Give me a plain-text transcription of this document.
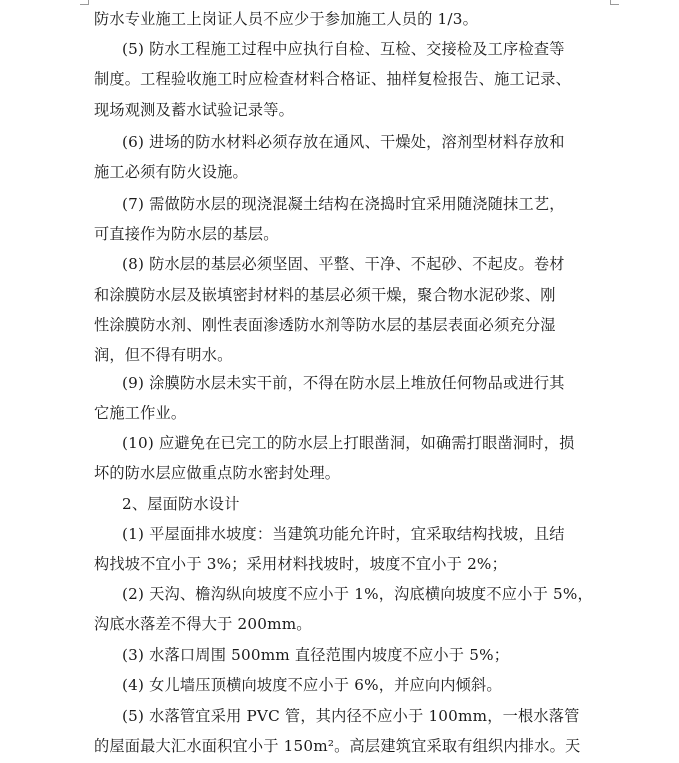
防水专业施工上岗证人员不应少于参加施工人员的 1/3。
(5) 防水工程施工过程中应执行自检、互检、交接检及工序检查等
制度。工程验收施工时应检查材料合格证、抽样复检报告、施工记录、
现场观测及蓄水试验记录等。
(6) 进场的防水材料必须存放在通风、干燥处，溶剂型材料存放和
施工必须有防火设施。
(7) 需做防水层的现浇混凝土结构在浇捣时宜采用随浇随抹工艺，
可直接作为防水层的基层。
(8) 防水层的基层必须坚固、平整、干净、不起砂、不起皮。卷材
和涂膜防水层及嵌填密封材料的基层必须干燥，聚合物水泥砂浆、刚
性涂膜防水剂、刚性表面渗透防水剂等防水层的基层表面必须充分湿
润，但不得有明水。
(9) 涂膜防水层未实干前，不得在防水层上堆放任何物品或进行其
它施工作业。
(10) 应避免在已完工的防水层上打眼凿洞，如确需打眼凿洞时，损
坏的防水层应做重点防水密封处理。
2、屋面防水设计
(1) 平屋面排水坡度：当建筑功能允许时，宜采取结构找坡，且结
构找坡不宜小于 3%；采用材料找坡时，坡度不宜小于 2%；
(2) 天沟、檐沟纵向坡度不应小于 1%，沟底横向坡度不应小于 5%，
沟底水落差不得大于 200mm。
(3) 水落口周围 500mm 直径范围内坡度不应小于 5%；
(4) 女儿墙压顶横向坡度不应小于 6%，并应向内倾斜。
(5) 水落管宜采用 PVC 管，其内径不应小于 100mm，一根水落管
的屋面最大汇水面积宜小于 150m²。高层建筑宜采取有组织内排水。天
